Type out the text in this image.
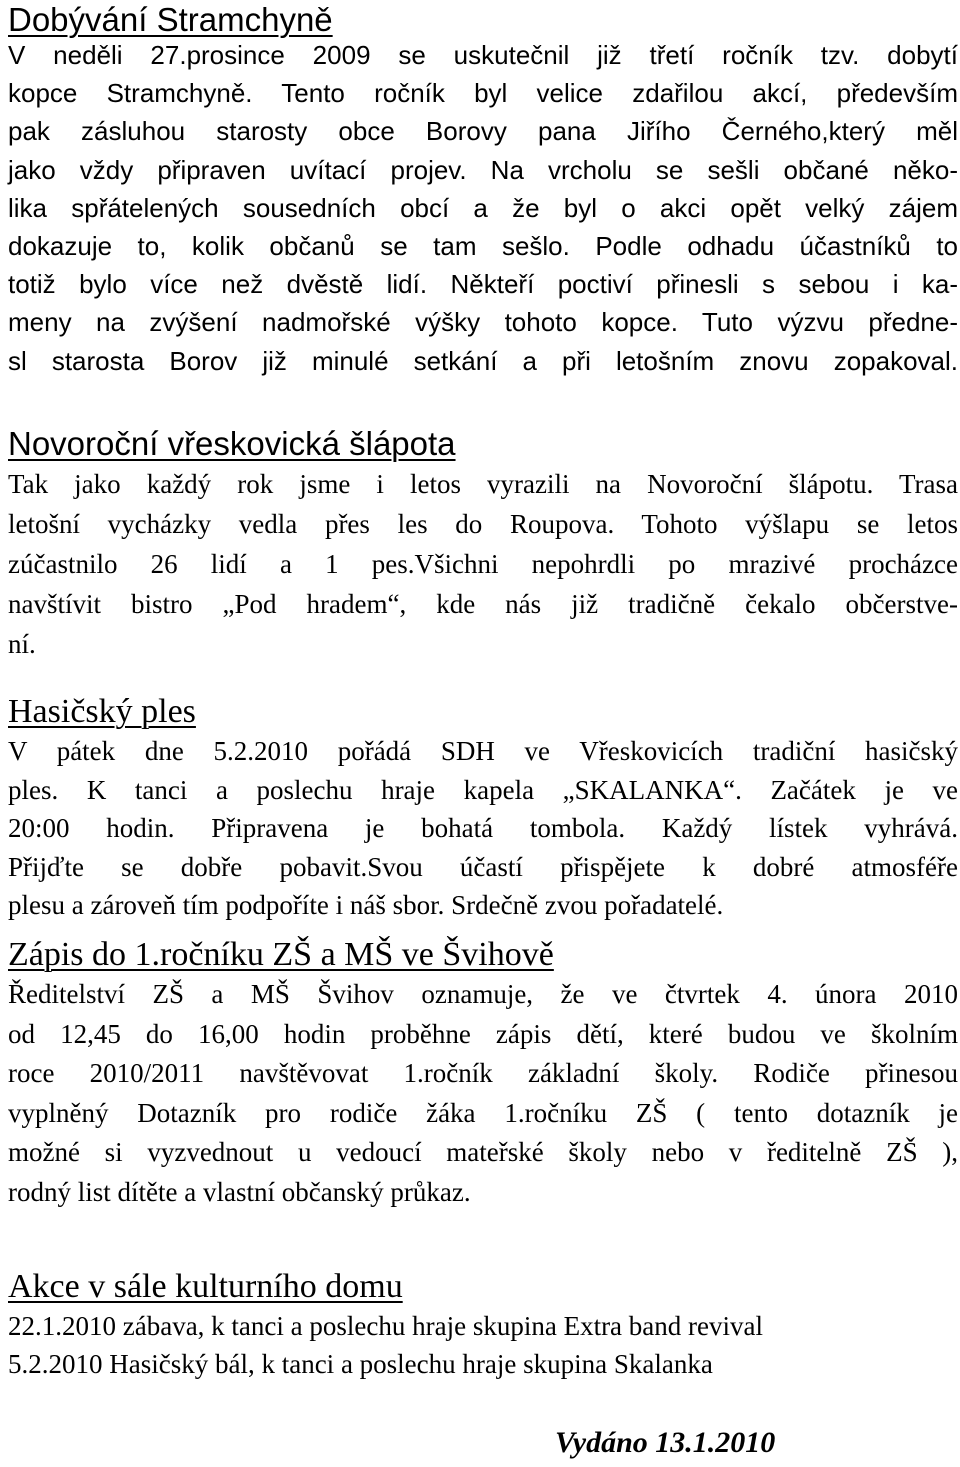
Dobývání Stramchyně
V neděli 27.prosince 2009 se uskutečnil již třetí ročník tzv. dobytí
kopce Stramchyně. Tento ročník byl velice zdařilou akcí, především
pak zásluhou starosty obce Borovy pana Jiřího Černého,který měl
jako vždy připraven uvítací projev. Na vrcholu se sešli občané něko-
lika spřátelených sousedních obcí a že byl o akci opět velký zájem
dokazuje to, kolik občanů se tam sešlo. Podle odhadu účastníků to
totiž bylo více než dvěstě lidí. Někteří poctiví přinesli s sebou i ka-
meny na zvýšení nadmořské výšky tohoto kopce. Tuto výzvu předne-
sl starosta Borov již minulé setkání a při letošním znovu zopakoval.
Novoroční vřeskovická šlápota
Tak jako každý rok jsme i letos vyrazili na Novoroční šlápotu. Trasa
letošní vycházky vedla přes les do Roupova. Tohoto výšlapu se letos
zúčastnilo 26 lidí a 1 pes.Všichni nepohrdli po mrazivé procházce
navštívit bistro „Pod hradem“, kde nás již tradičně čekalo občerstve-
ní.
Hasičský ples
V pátek dne 5.2.2010 pořádá SDH ve Vřeskovicích tradiční hasičský
ples. K tanci a poslechu hraje kapela „SKALANKA“. Začátek je ve
20:00 hodin. Připravena je bohatá tombola. Každý lístek vyhrává.
Přijďte se dobře pobavit.Svou účastí přispějete k dobré atmosféře
plesu a zároveň tím podpoříte i náš sbor. Srdečně zvou pořadatelé.
Zápis do 1.ročníku ZŠ a MŠ ve Švihově
Ředitelství ZŠ a MŠ Švihov oznamuje, že ve čtvrtek 4. února 2010
od 12,45 do 16,00 hodin proběhne zápis dětí, které budou ve školním
roce 2010/2011 navštěvovat 1.ročník základní školy. Rodiče přinesou
vyplněný Dotazník pro rodiče žáka 1.ročníku ZŠ ( tento dotazník je
možné si vyzvednout u vedoucí mateřské školy nebo v ředitelně ZŠ ),
rodný list dítěte a vlastní občanský průkaz.
Akce v sále kulturního domu
22.1.2010 zábava, k tanci a poslechu hraje skupina Extra band revival
5.2.2010 Hasičský bál, k tanci a poslechu hraje skupina Skalanka
Vydáno 13.1.2010
